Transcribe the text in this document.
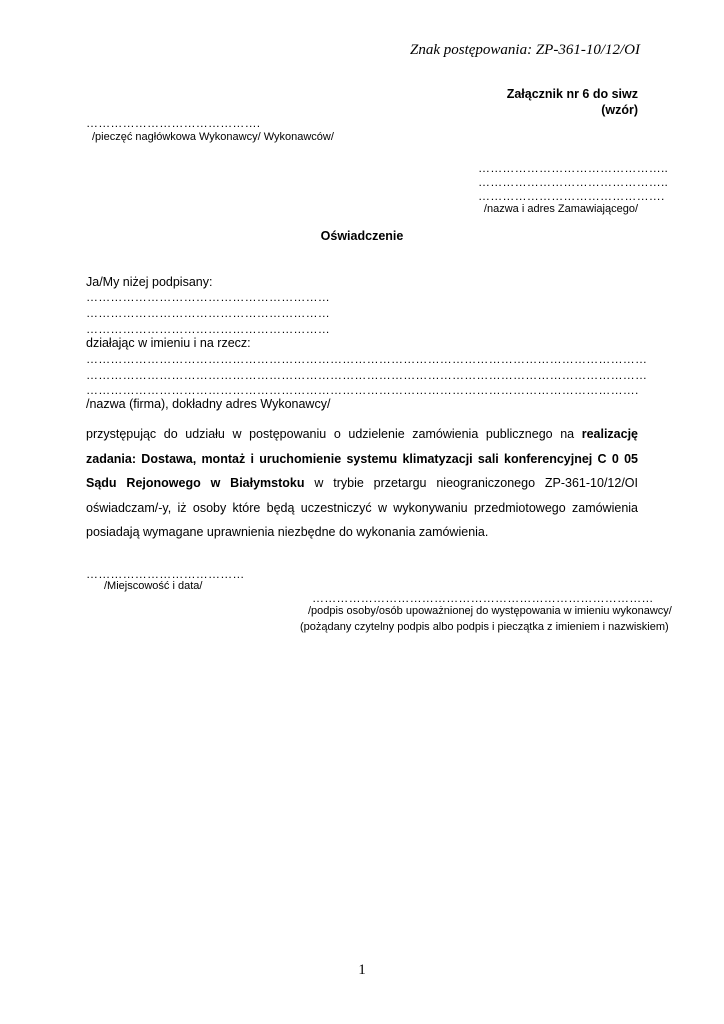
Znak postępowania: ZP-361-10/12/OI
Załącznik nr 6 do siwz
(wzór)
…………………………………….
/pieczęć nagłówkowa Wykonawcy/ Wykonawców/
………………………………………..
………………………………………..
……………………………………….
/nazwa i adres Zamawiającego/
Oświadczenie
Ja/My niżej podpisany:
……………………………………………………
……………………………………………………
……………………………………………………
działając w imieniu i na rzecz:
…………………………………………………………………………………………………………………………
…………………………………………………………………………………………………………………………
……………………………………………………………………………………………………………………….
/nazwa (firma), dokładny adres Wykonawcy/
przystępując do udziału w postępowaniu o udzielenie zamówienia publicznego na realizację zadania: Dostawa, montaż i uruchomienie systemu klimatyzacji sali konferencyjnej C 0 05 Sądu Rejonowego w Białymstoku w trybie przetargu nieograniczonego ZP-361-10/12/OI oświadczam/-y, iż osoby które będą uczestniczyć w wykonywaniu przedmiotowego zamówienia posiadają wymagane uprawnienia niezbędne do wykonania zamówienia.
…………………………………
/Miejscowość i data/
…………………………………………………………………………
/podpis osoby/osób upoważnionej do występowania w imieniu wykonawcy/
(pożądany czytelny podpis albo podpis i pieczątka z imieniem i nazwiskiem)
1
